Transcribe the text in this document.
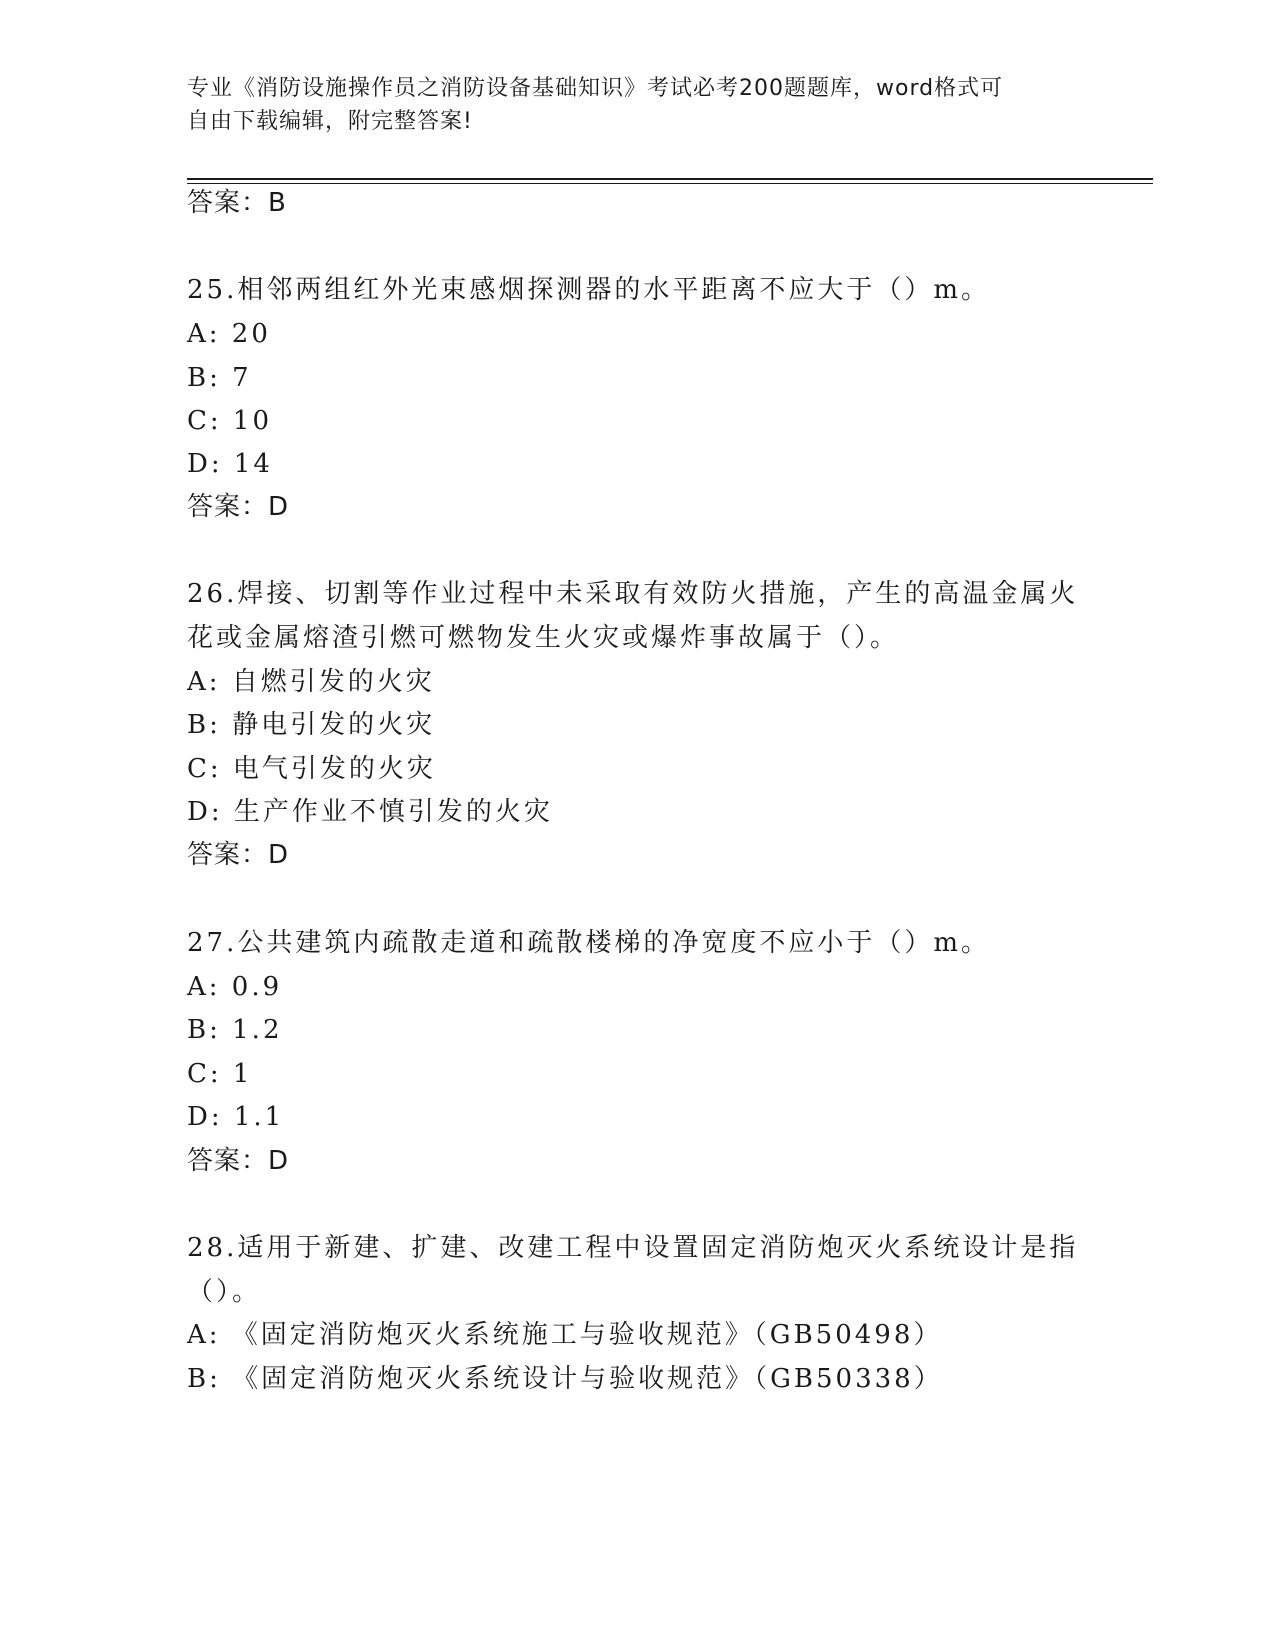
专业《消防设施操作员之消防设备基础知识》考试必考200题题库，word格式可
自由下载编辑，附完整答案!
答案：B
25.相邻两组红外光束感烟探测器的水平距离不应大于（）m。
A: 20
B: 7
C: 10
D: 14
答案：D
26.焊接、切割等作业过程中未采取有效防火措施，产生的高温金属火
花或金属熔渣引燃可燃物发生火灾或爆炸事故属于（）。
A: 自燃引发的火灾
B: 静电引发的火灾
C: 电气引发的火灾
D: 生产作业不慎引发的火灾
答案：D
27.公共建筑内疏散走道和疏散楼梯的净宽度不应小于（）m。
A: 0.9
B: 1.2
C: 1
D: 1.1
答案：D
28.适用于新建、扩建、改建工程中设置固定消防炮灭火系统设计是指
（）。
A: 《固定消防炮灭火系统施工与验收规范》（GB50498）
B: 《固定消防炮灭火系统设计与验收规范》（GB50338）
